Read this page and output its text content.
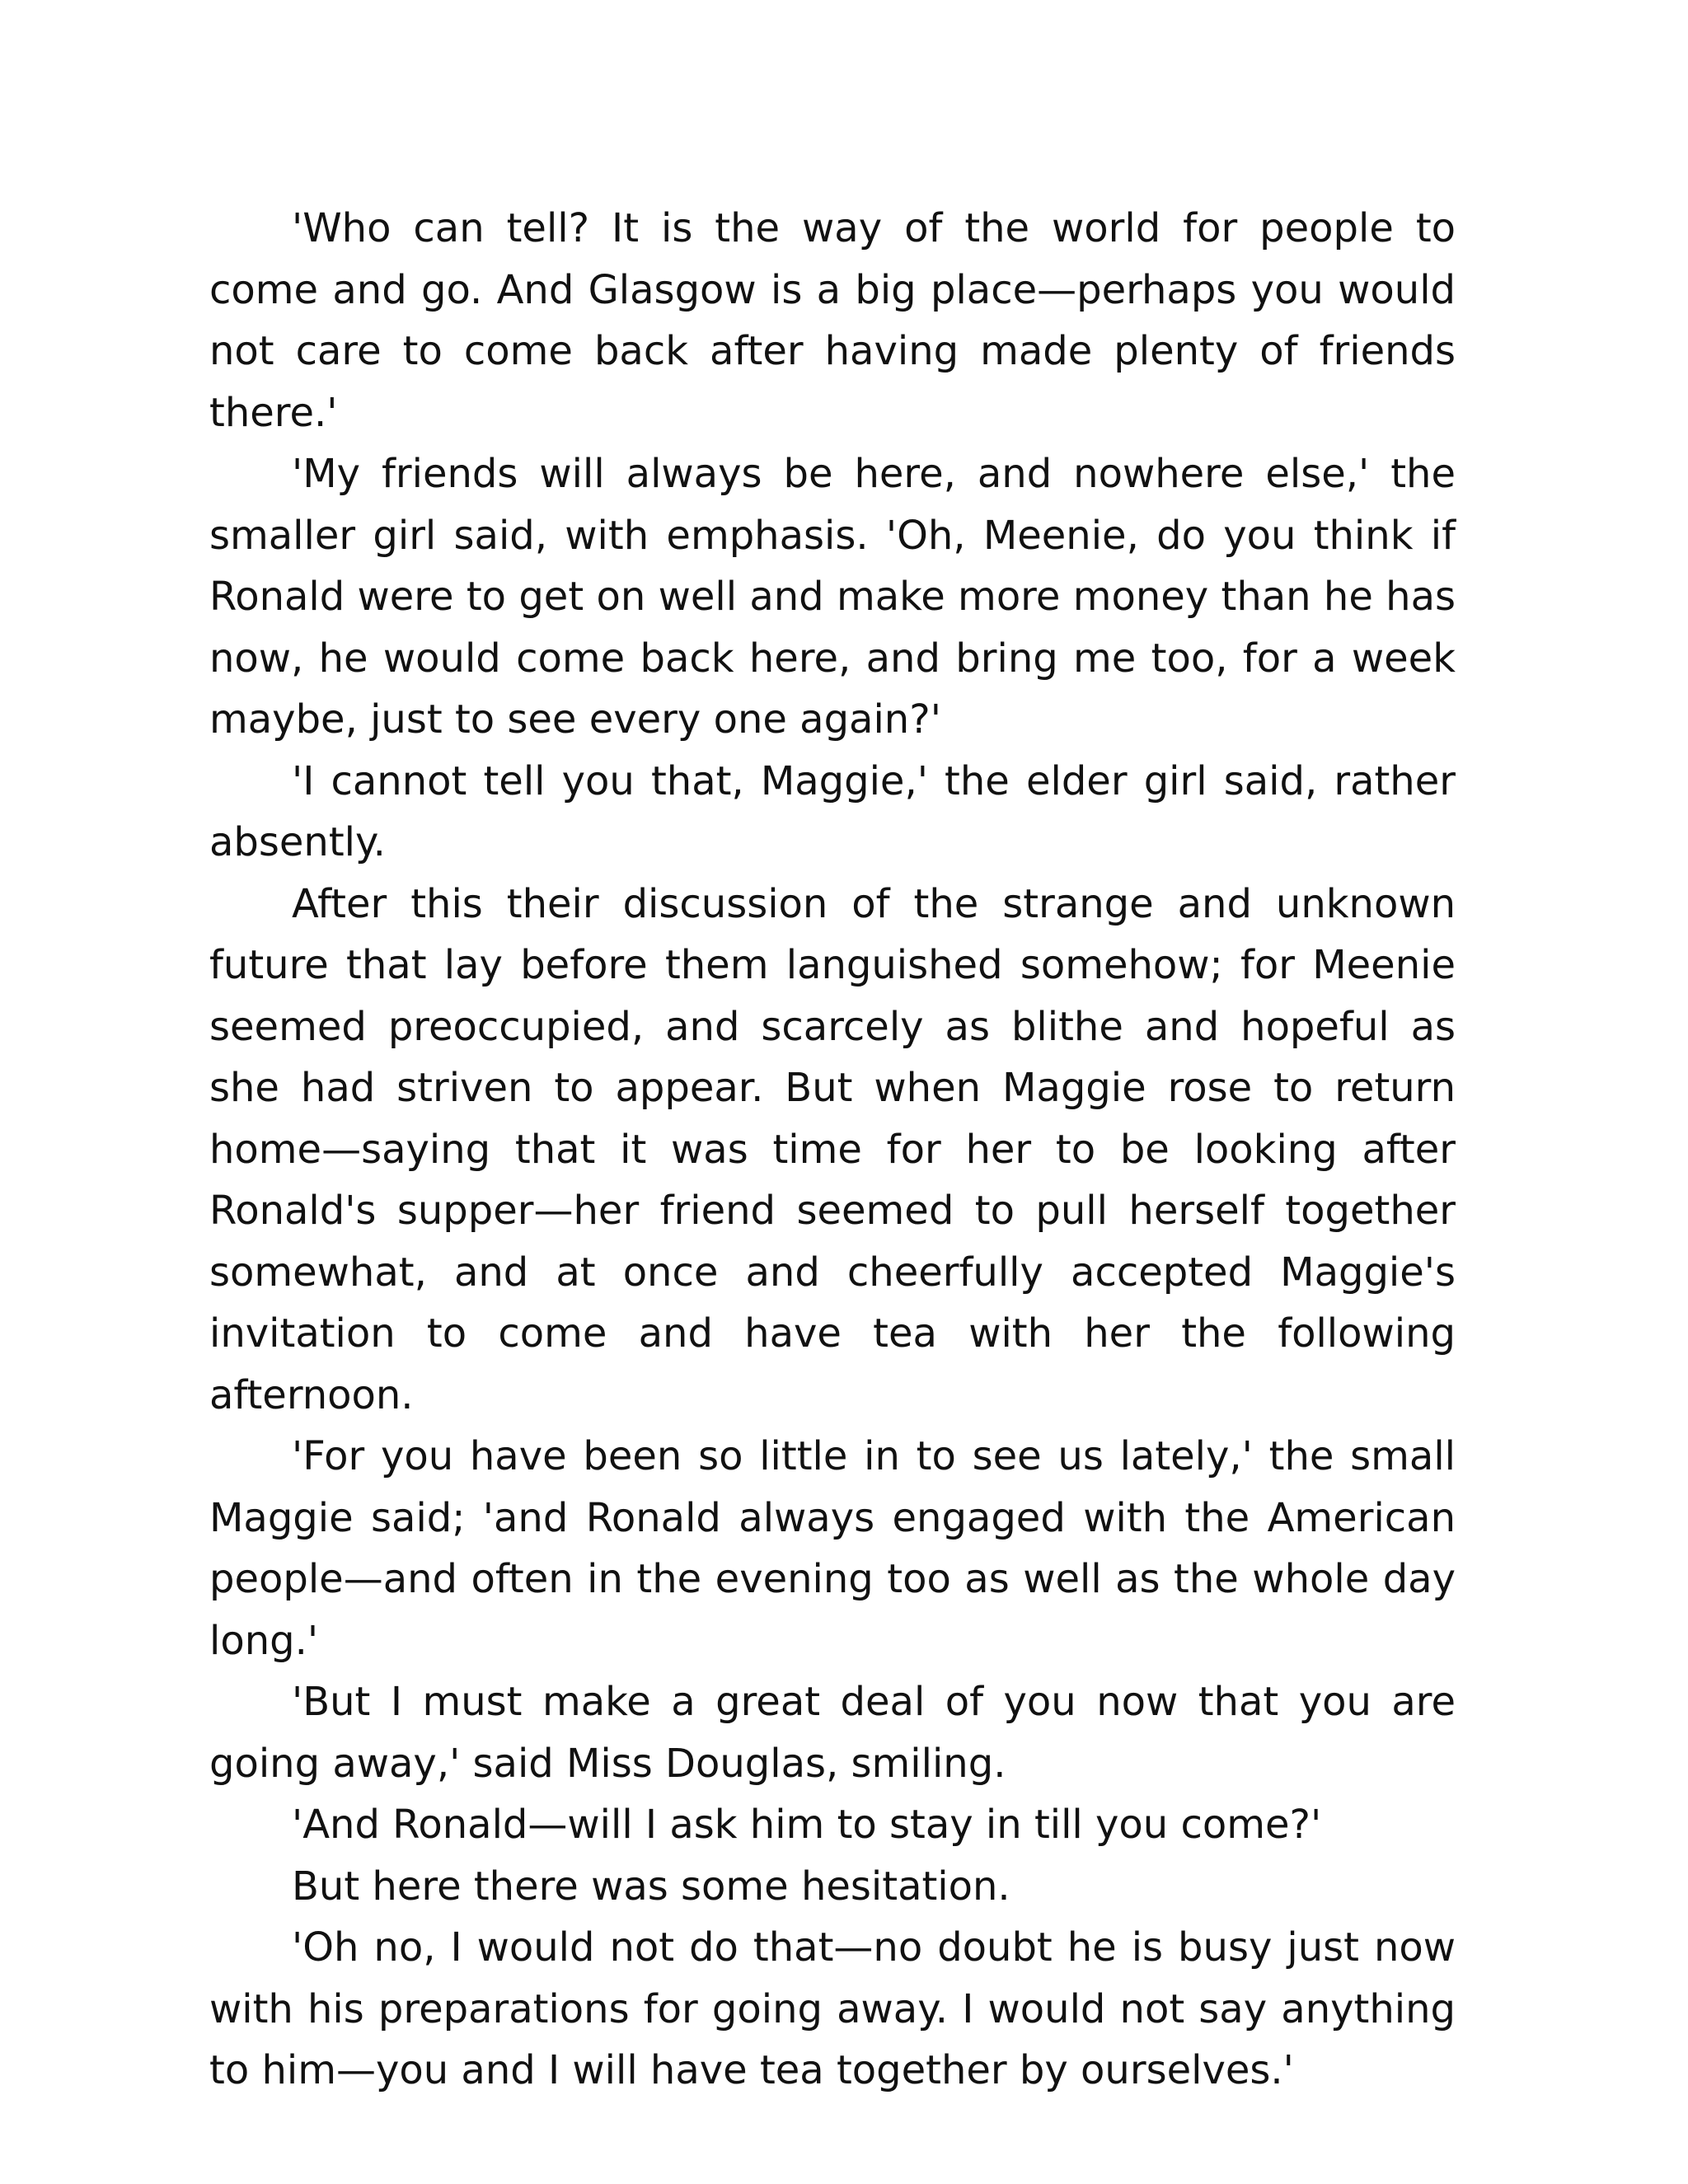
'Who can tell? It is the way of the world for people to come and go. And Glasgow is a big place—perhaps you would not care to come back after having made plenty of friends there.'

'My friends will always be here, and nowhere else,' the smaller girl said, with emphasis. 'Oh, Meenie, do you think if Ronald were to get on well and make more money than he has now, he would come back here, and bring me too, for a week maybe, just to see every one again?'

'I cannot tell you that, Maggie,' the elder girl said, rather absently.

After this their discussion of the strange and unknown future that lay before them languished somehow; for Meenie seemed preoccupied, and scarcely as blithe and hopeful as she had striven to appear. But when Maggie rose to return home—saying that it was time for her to be looking after Ronald's supper—her friend seemed to pull herself together somewhat, and at once and cheerfully accepted Maggie's invitation to come and have tea with her the following afternoon.

'For you have been so little in to see us lately,' the small Maggie said; 'and Ronald always engaged with the American people—and often in the evening too as well as the whole day long.'

'But I must make a great deal of you now that you are going away,' said Miss Douglas, smiling.

'And Ronald—will I ask him to stay in till you come?'

But here there was some hesitation.

'Oh no, I would not do that—no doubt he is busy just now with his preparations for going away. I would not say anything to him—you and I will have tea together by ourselves.'
